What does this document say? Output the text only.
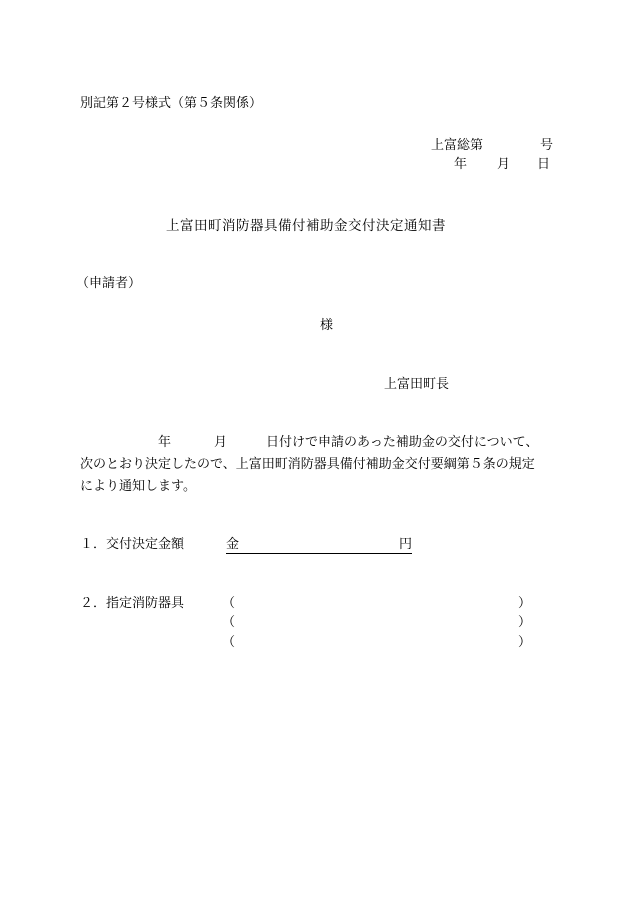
別記第２号様式（第５条関係）
上富総第	号
年 月 日
上富田町消防器具備付補助金交付決定通知書
（申請者）
様
上富田町長
年	月	日付けで申請のあった補助金の交付について、
次のとおり決定したので、上富田町消防器具備付補助金交付要綱第５条の規定
により通知します。
１．交付決定金額	金	円
２．指定消防器具	（	）
（	）
（	）
